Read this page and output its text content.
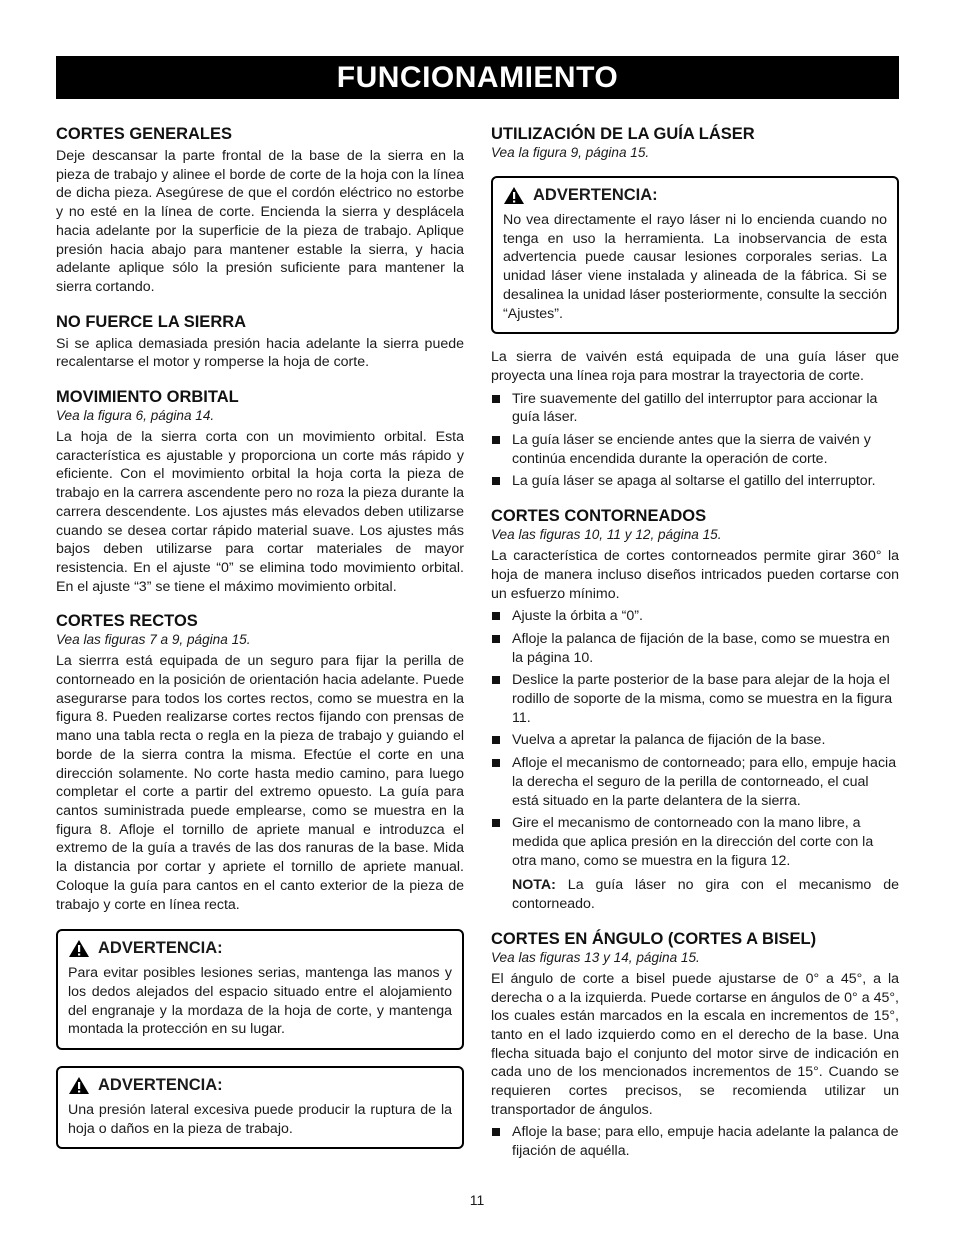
FUNCIONAMIENTO
CORTES GENERALES

Deje descansar la parte frontal de la base de la sierra en la pieza de trabajo y alinee el borde de corte de la hoja con la línea de dicha pieza. Asegúrese de que el cordón eléctrico no estorbe y no esté en la línea de corte. Encienda la sierra y desplácela hacia adelante por la superficie de la pieza de trabajo. Aplique presión hacia abajo para mantener estable la sierra, y hacia adelante aplique sólo la presión suficiente para mantener la sierra cortando.

NO FUERCE LA SIERRA

Si se aplica demasiada presión hacia adelante la sierra puede recalentarse el motor y romperse la hoja de corte.

MOVIMIENTO ORBITAL

Vea la figura 6, página 14.

La hoja de la sierra corta con un movimiento orbital. Esta característica es ajustable y proporciona un corte más rápido y eficiente. Con el movimiento orbital la hoja corta la pieza de trabajo en la carrera ascendente pero no roza la pieza durante la carrera descendente. Los ajustes más elevados deben utilizarse cuando se desea cortar rápido material suave. Los ajustes más bajos deben utilizarse para cortar materiales de mayor resistencia. En el ajuste “0” se elimina todo movimiento orbital. En el ajuste “3” se tiene el máximo movimiento orbital.

CORTES RECTOS

Vea las figuras 7 a 9, página 15.

La sierrra está equipada de un seguro para fijar la perilla de contorneado en la posición de orientación hacia adelante. Puede asegurarse para todos los cortes rectos, como se muestra en la figura 8. Pueden realizarse cortes rectos fijando con prensas de mano una tabla recta o regla en la pieza de trabajo y guiando el borde de la sierra contra la misma. Efectúe el corte en una dirección solamente. No corte hasta medio camino, para luego completar el corte a partir del extremo opuesto. La guía para cantos suministrada puede emplearse, como se muestra en la figura 8. Afloje el tornillo de apriete manual e introduzca el extremo de la guía a través de las dos ranuras de la base. Mida la distancia por cortar y apriete el tornillo de apriete manual. Coloque la guía para cantos en el canto exterior de la pieza de trabajo y corte en línea recta.

ADVERTENCIA:

Para evitar posibles lesiones serias, mantenga las manos y los dedos alejados del espacio situado entre el alojamiento del engranaje y la mordaza de la hoja de corte, y mantenga montada la protección en su lugar.

ADVERTENCIA:

Una presión lateral excesiva puede producir la ruptura de la hoja o daños en la pieza de trabajo.

UTILIZACIÓN DE LA GUÍA LÁSER

Vea la figura 9, página 15.

ADVERTENCIA:

No vea directamente el rayo láser ni lo encienda cuando no tenga en uso la herramienta. La inobservancia de esta advertencia puede causar lesiones corporales serias. La unidad láser viene instalada y alineada de la fábrica. Si se desalinea la unidad láser posteriormente, consulte la sección “Ajustes”.

La sierra de vaivén está equipada de una guía láser que proyecta una línea roja para mostrar la trayectoria de corte.

Tire suavemente del gatillo del interruptor para accionar la guía láser.
La guía láser se enciende antes que la sierra de vaivén y continúa encendida durante la operación de corte.
La guía láser se apaga al soltarse el gatillo del interruptor.
CORTES CONTORNEADOS

Vea las figuras 10, 11 y 12, página 15.

La característica de cortes contorneados permite girar 360° la hoja de manera incluso diseños intricados pueden cortarse con un esfuerzo mínimo.

Ajuste la órbita a “0”.
Afloje la palanca de fijación de la base, como se muestra en la página 10.
Deslice la parte posterior de la base para alejar de la hoja el rodillo de soporte de la misma, como se muestra en la figura 11.
Vuelva a apretar la palanca de fijación de la base.
Afloje el mecanismo de contorneado; para ello, empuje hacia la derecha el seguro de la perilla de contorneado, el cual está situado en la parte delantera de la sierra.
Gire el mecanismo de contorneado con la mano libre, a medida que aplica presión en la dirección del corte con la otra mano, como se muestra en la figura 12.

NOTA: La guía láser no gira con el mecanismo de contorneado.

CORTES EN ÁNGULO (CORTES A BISEL)

Vea las figuras 13 y 14, página 15.

El ángulo de corte a bisel puede ajustarse de 0° a 45°, a la derecha o a la izquierda. Puede cortarse en ángulos de 0° a 45°, los cuales están marcados en la escala en incrementos de 15°, tanto en el lado izquierdo como en el derecho de la base. Una flecha situada bajo el conjunto del motor sirve de indicación en cada uno de los mencionados incrementos de 15°. Cuando se requieren cortes precisos, se recomienda utilizar un transportador de ángulos.

Afloje la base; para ello, empuje hacia adelante la palanca de fijación de aquélla.
11
